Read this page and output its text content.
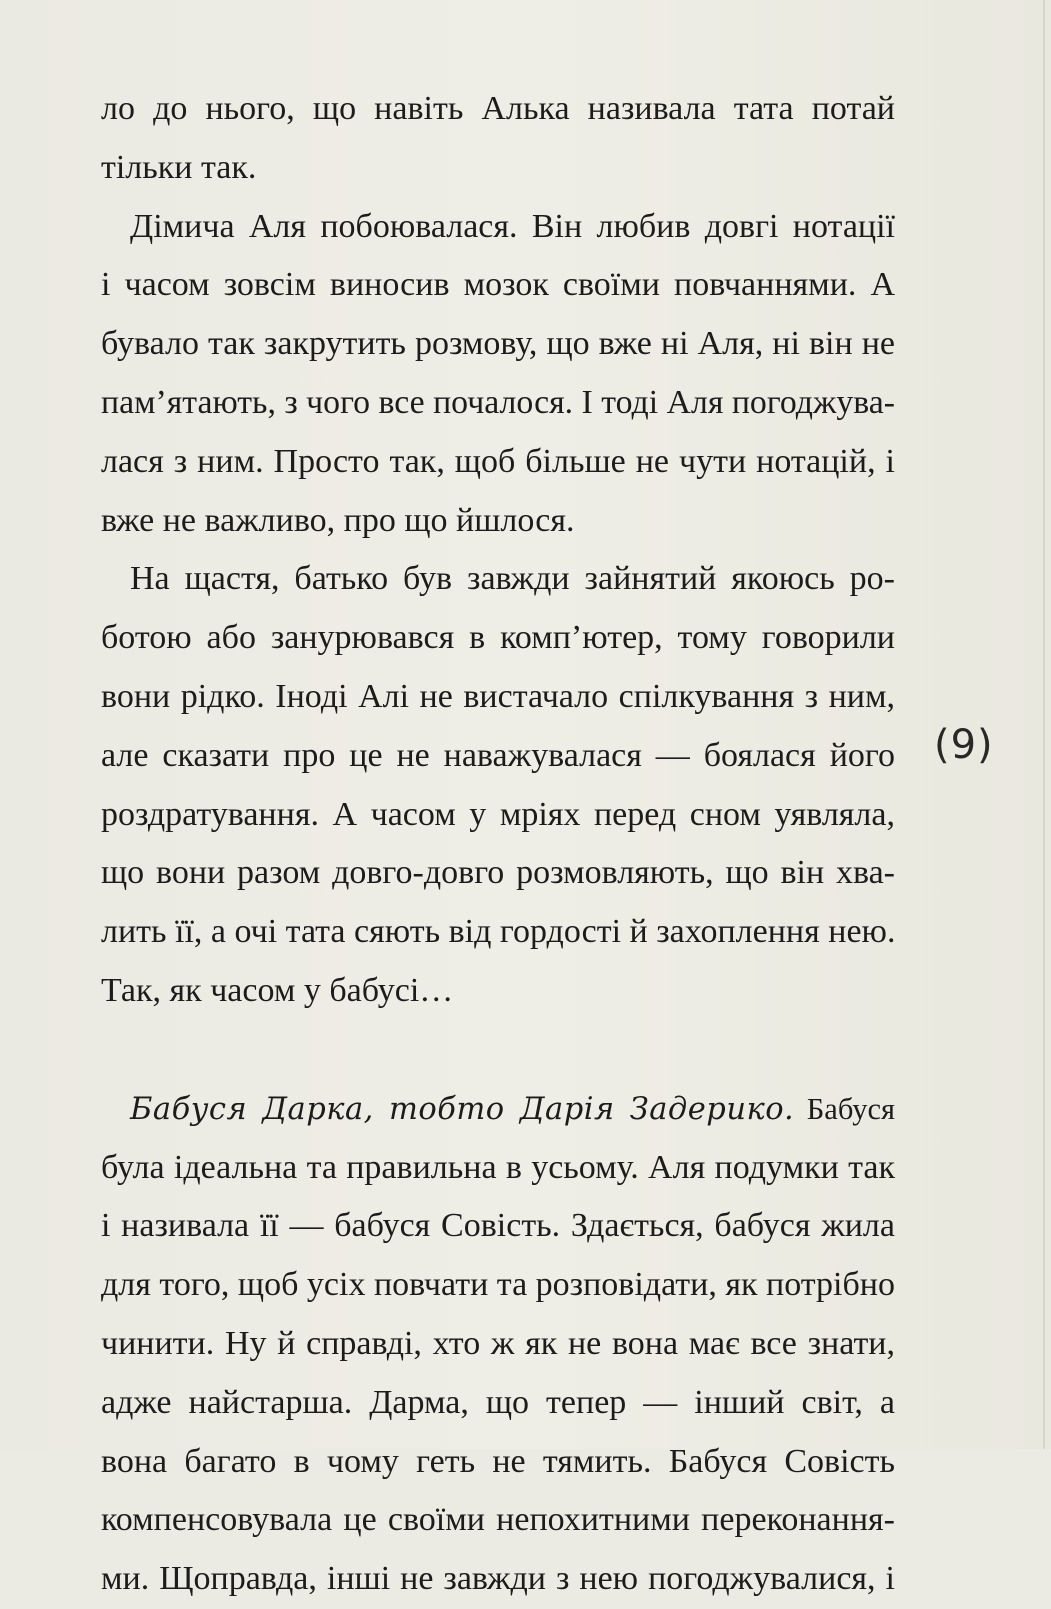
ло до нього, що навіть Алька називала тата потай
тільки так.
Дімича Аля побоювалася. Він любив довгі нотації
і часом зовсім виносив мозок своїми повчаннями. А
бувало так закрутить розмову, що вже ні Аля, ні він не
пам’ятають, з чого все почалося. І тоді Аля погоджува-
лася з ним. Просто так, щоб більше не чути нотацій, і
вже не важливо, про що йшлося.
На щастя, батько був завжди зайнятий якоюсь ро-
ботою або занурювався в комп’ютер, тому говорили
вони рідко. Іноді Алі не вистачало спілкування з ним,
але сказати про це не наважувалася — боялася його
роздратування. А часом у мріях перед сном уявляла,
що вони разом довго-довго розмовляють, що він хва-
лить її, а очі тата сяють від гордості й захоплення нею.
Так, як часом у бабусі…
Бабуся Дарка, тобто Дарія Задерико. Бабуся
була ідеальна та правильна в усьому. Аля подумки так
і називала її — бабуся Совість. Здається, бабуся жила
для того, щоб усіх повчати та розповідати, як потрібно
чинити. Ну й справді, хто ж як не вона має все знати,
адже найстарша. Дарма, що тепер — інший світ, а
вона багато в чому геть не тямить. Бабуся Совість
компенсовувала це своїми непохитними переконання-
ми. Щоправда, інші не завжди з нею погоджувалися, і
(9)
